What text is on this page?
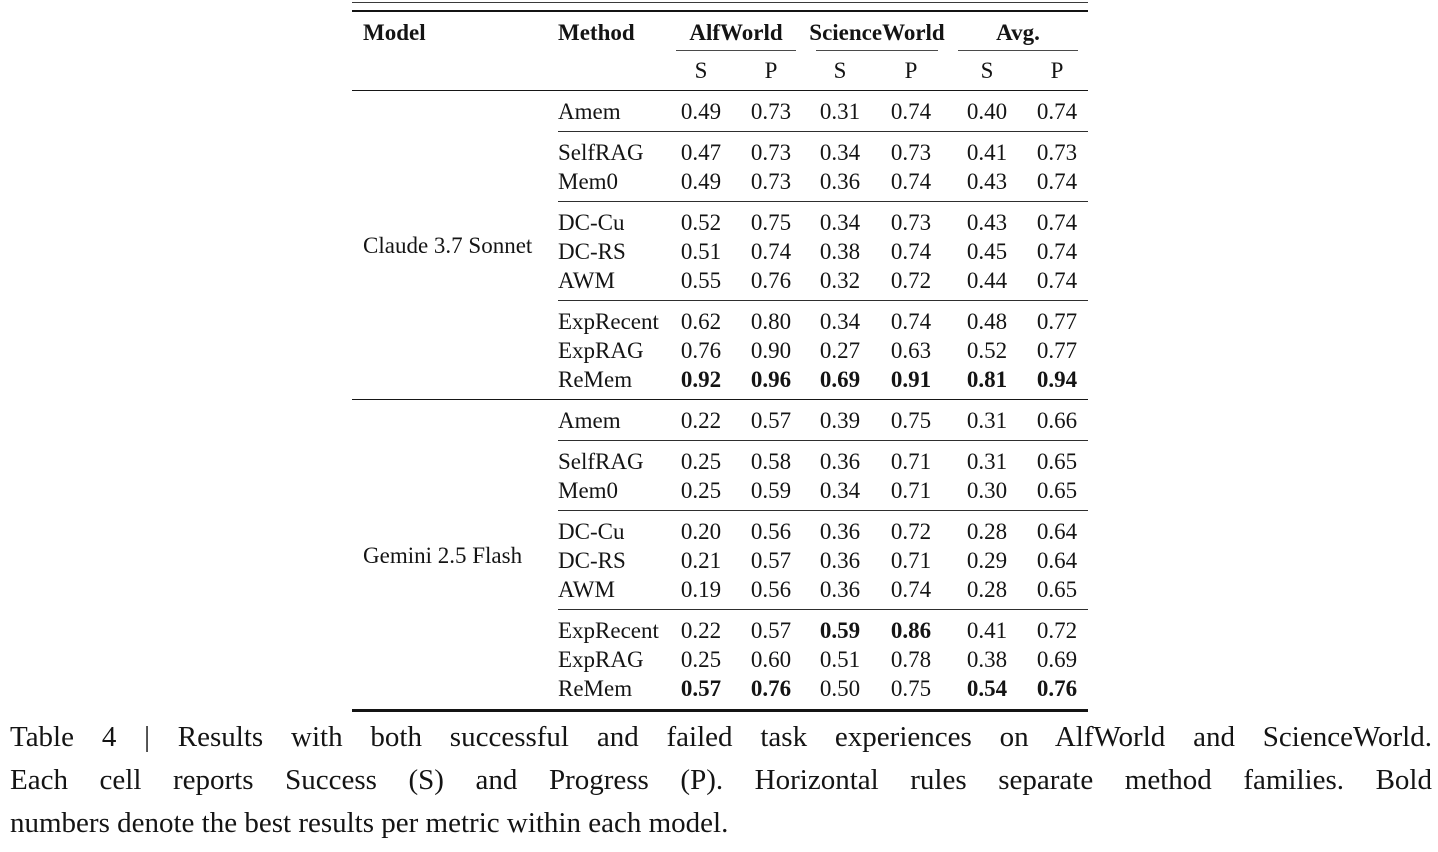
Model	Method	AlfWorld		ScienceWorld		Avg.	

		S	P	S	P	S	P
Claude 3.7 Sonnet	Amem	0.49	0.73	0.31	0.74	0.40	0.74
	SelfRAG	0.47	0.73	0.34	0.73	0.41	0.73
	Mem0	0.49	0.73	0.36	0.74	0.43	0.74
	DC-Cu	0.52	0.75	0.34	0.73	0.43	0.74
	DC-RS	0.51	0.74	0.38	0.74	0.45	0.74
	AWM	0.55	0.76	0.32	0.72	0.44	0.74
	ExpRecent	0.62	0.80	0.34	0.74	0.48	0.77
	ExpRAG	0.76	0.90	0.27	0.63	0.52	0.77
	ReMem	0.92	0.96	0.69	0.91	0.81	0.94
Gemini 2.5 Flash	Amem	0.22	0.57	0.39	0.75	0.31	0.66
	SelfRAG	0.25	0.58	0.36	0.71	0.31	0.65
	Mem0	0.25	0.59	0.34	0.71	0.30	0.65
	DC-Cu	0.20	0.56	0.36	0.72	0.28	0.64
	DC-RS	0.21	0.57	0.36	0.71	0.29	0.64
	AWM	0.19	0.56	0.36	0.74	0.28	0.65
	ExpRecent	0.22	0.57	0.59	0.86	0.41	0.72
	ExpRAG	0.25	0.60	0.51	0.78	0.38	0.69
	ReMem	0.57	0.76	0.50	0.75	0.54	0.76
Table 4 | Results with both successful and failed task experiences on AlfWorld and ScienceWorld.
Each cell reports Success (S) and Progress (P). Horizontal rules separate method families. Bold
numbers denote the best results per metric within each model.
